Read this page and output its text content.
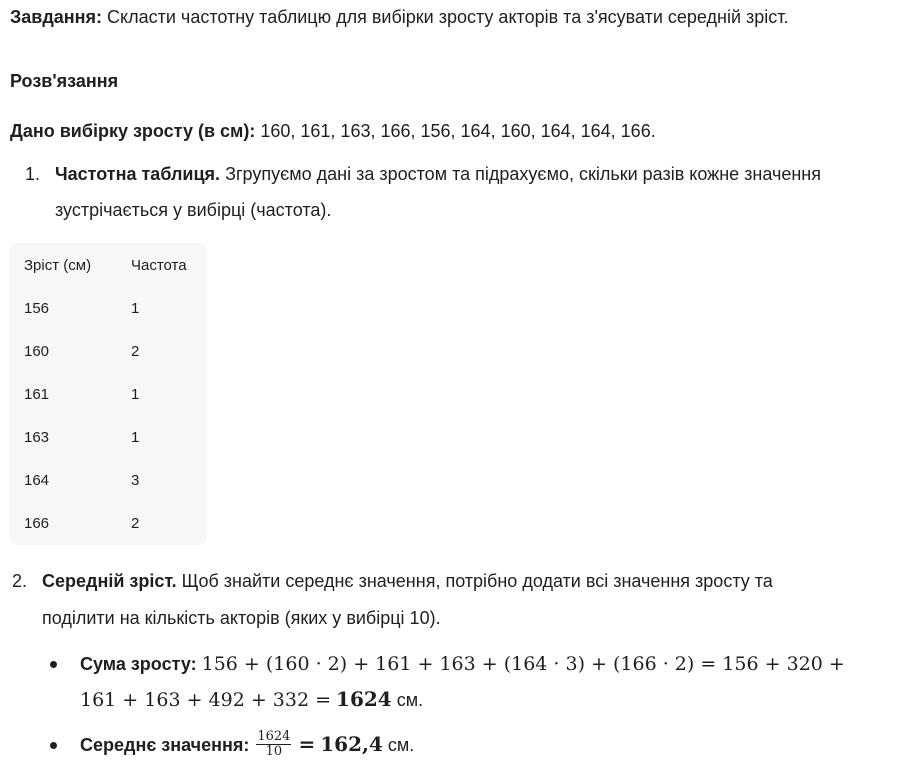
Завдання: Скласти частотну таблицю для вибірки зросту акторів та з'ясувати середній зріст.
Розв'язання
Дано вибірку зросту (в см): 160, 161, 163, 166, 156, 164, 160, 164, 164, 166.
1. Частотна таблиця. Згрупуємо дані за зростом та підрахуємо, скільки разів кожне значення
зустрічається у вибірці (частота).
Зріст (см)	Частота
156	1
160	2
161	1
163	1
164	3
166	2
2. Середній зріст. Щоб знайти середнє значення, потрібно додати всі значення зросту та
поділити на кількість акторів (яких у вибірці 10).
Сума зросту: 156 + (160 · 2) + 161 + 163 + (164 · 3) + (166 · 2) = 156 + 320 +
161 + 163 + 492 + 332 = 1624 см.
Середнє значення: $\frac{1624}{10} = 162,4$ см.
